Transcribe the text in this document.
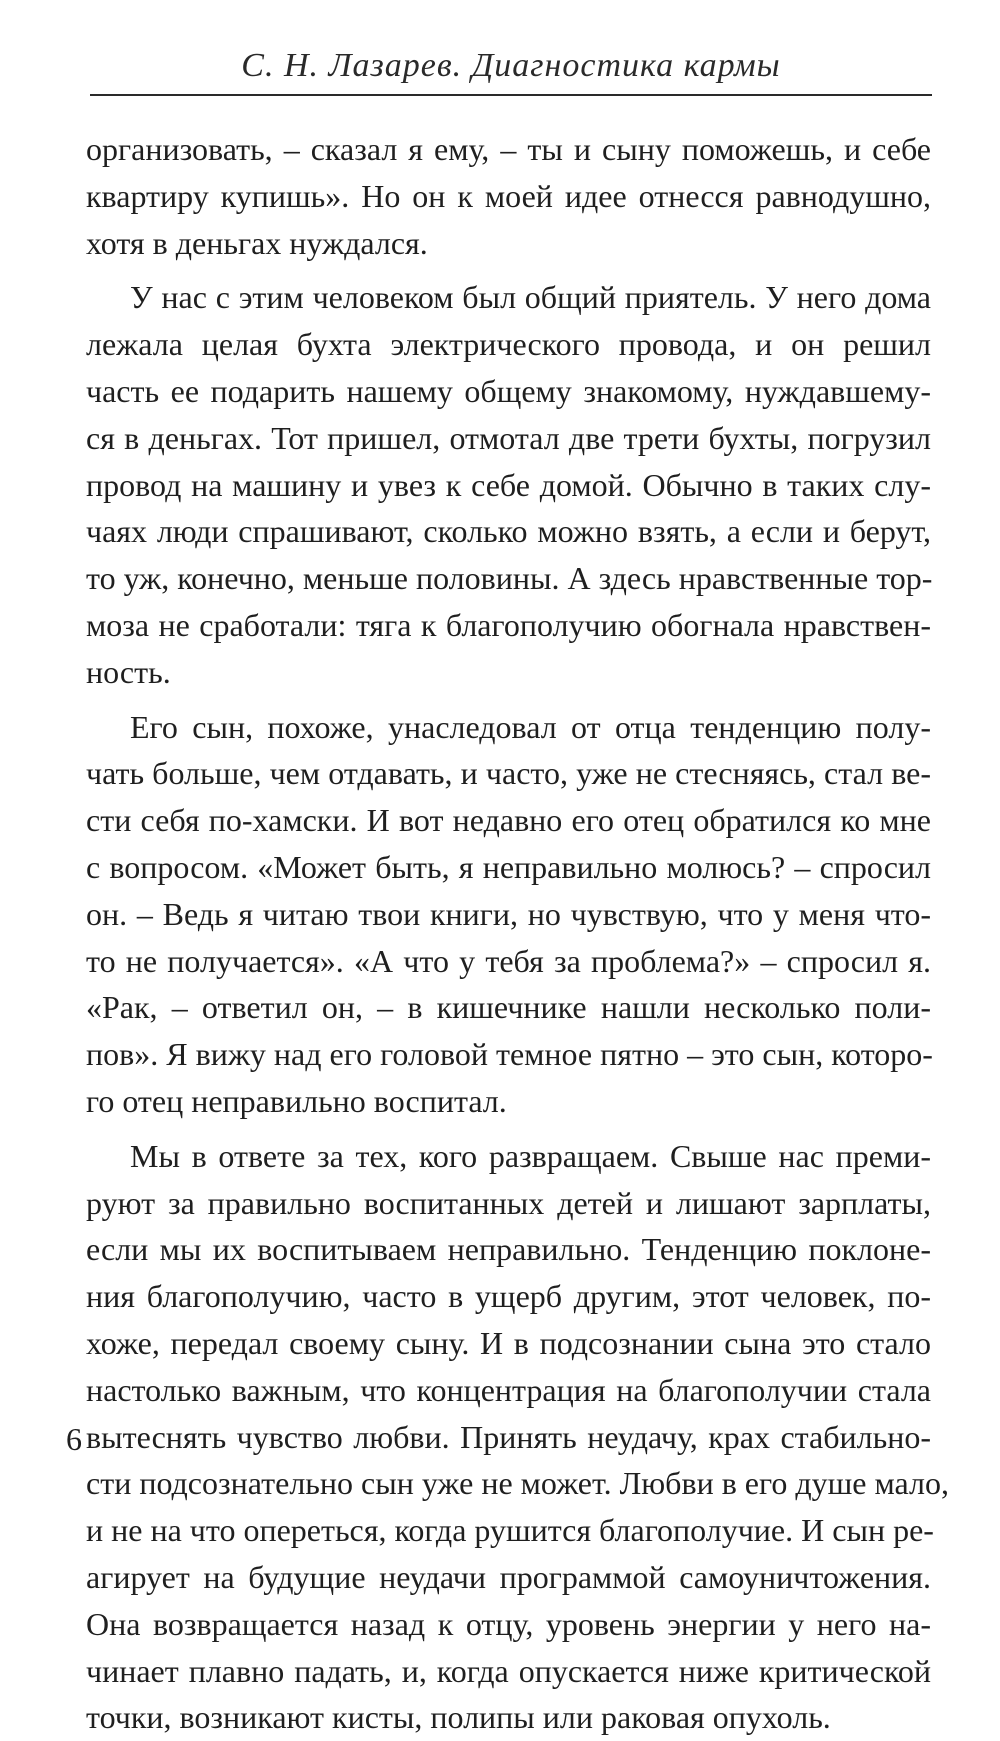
С. Н. Лазарев. Диагностика кармы
организовать, – сказал я ему, – ты и сыну поможешь, и себе
квартиру купишь». Но он к моей идее отнесся равнодушно,
хотя в деньгах нуждался.
У нас с этим человеком был общий приятель. У него дома
лежала целая бухта электрического провода, и он решил
часть ее подарить нашему общему знакомому, нуждавшему-
ся в деньгах. Тот пришел, отмотал две трети бухты, погрузил
провод на машину и увез к себе домой. Обычно в таких слу-
чаях люди спрашивают, сколько можно взять, а если и берут,
то уж, конечно, меньше половины. А здесь нравственные тор-
моза не сработали: тяга к благополучию обогнала нравствен-
ность.
Его сын, похоже, унаследовал от отца тенденцию полу-
чать больше, чем отдавать, и часто, уже не стесняясь, стал ве-
сти себя по-хамски. И вот недавно его отец обратился ко мне
с вопросом. «Может быть, я неправильно молюсь? – спросил
он. – Ведь я читаю твои книги, но чувствую, что у меня что-
то не получается». «А что у тебя за проблема?» – спросил я.
«Рак, – ответил он, – в кишечнике нашли несколько поли-
пов». Я вижу над его головой темное пятно – это сын, которо-
го отец неправильно воспитал.
Мы в ответе за тех, кого развращаем. Свыше нас преми-
руют за правильно воспитанных детей и лишают зарплаты,
если мы их воспитываем неправильно. Тенденцию поклоне-
ния благополучию, часто в ущерб другим, этот человек, по-
хоже, передал своему сыну. И в подсознании сына это стало
настолько важным, что концентрация на благополучии стала
вытеснять чувство любви. Принять неудачу, крах стабильно-
сти подсознательно сын уже не может. Любви в его душе мало,
и не на что опереться, когда рушится благополучие. И сын ре-
агирует на будущие неудачи программой самоуничтожения.
Она возвращается назад к отцу, уровень энергии у него на-
чинает плавно падать, и, когда опускается ниже критической
точки, возникают кисты, полипы или раковая опухоль.
6
